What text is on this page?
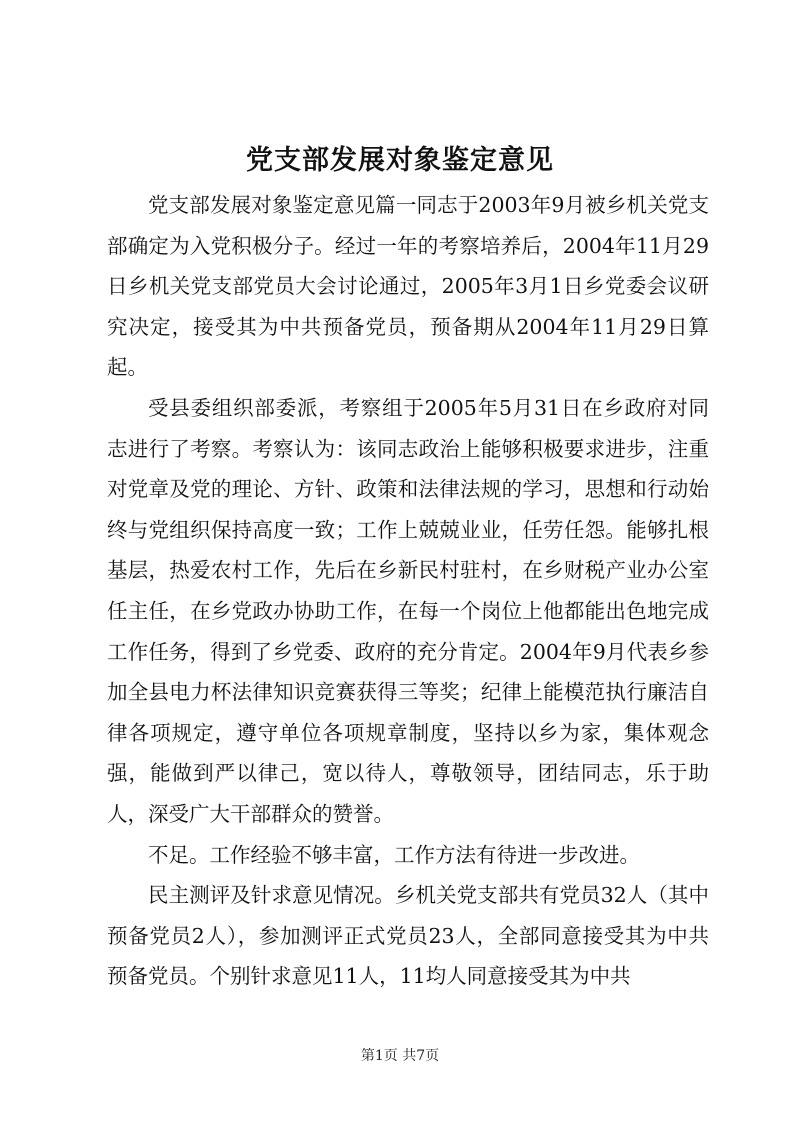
党支部发展对象鉴定意见

党支部发展对象鉴定意见篇一同志于2003年9月被乡机关党支部确定为入党积极分子。经过一年的考察培养后，2004年11月29日乡机关党支部党员大会讨论通过，2005年3月1日乡党委会议研究决定，接受其为中共预备党员，预备期从2004年11月29日算起。

受县委组织部委派，考察组于2005年5月31日在乡政府对同志进行了考察。考察认为：该同志政治上能够积极要求进步，注重对党章及党的理论、方针、政策和法律法规的学习，思想和行动始终与党组织保持高度一致；工作上兢兢业业，任劳任怨。能够扎根基层，热爱农村工作，先后在乡新民村驻村，在乡财税产业办公室任主任，在乡党政办协助工作，在每一个岗位上他都能出色地完成工作任务，得到了乡党委、政府的充分肯定。2004年9月代表乡参加全县电力杯法律知识竞赛获得三等奖；纪律上能模范执行廉洁自律各项规定，遵守单位各项规章制度，坚持以乡为家，集体观念强，能做到严以律己，宽以待人，尊敬领导，团结同志，乐于助人，深受广大干部群众的赞誉。

不足。工作经验不够丰富，工作方法有待进一步改进。

民主测评及针求意见情况。乡机关党支部共有党员32人（其中预备党员2人），参加测评正式党员23人，全部同意接受其为中共预备党员。个别针求意见11人，11均人同意接受其为中共

第1页 共7页
